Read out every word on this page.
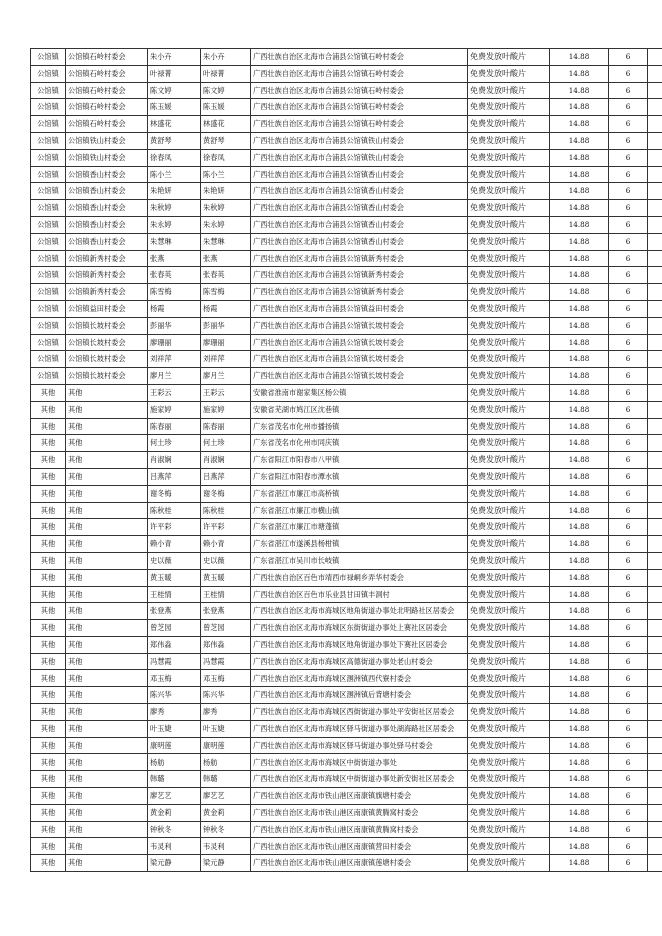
公馆镇	公馆镇石岭村委会	朱小卉	朱小卉	广西壮族自治区北海市合浦县公馆镇石岭村委会	免费发放叶酸片	14.88	6	
公馆镇	公馆镇石岭村委会	叶禄菁	叶禄菁	广西壮族自治区北海市合浦县公馆镇石岭村委会	免费发放叶酸片	14.88	6	
公馆镇	公馆镇石岭村委会	陈文婷	陈文婷	广西壮族自治区北海市合浦县公馆镇石岭村委会	免费发放叶酸片	14.88	6	
公馆镇	公馆镇石岭村委会	陈玉媛	陈玉媛	广西壮族自治区北海市合浦县公馆镇石岭村委会	免费发放叶酸片	14.88	6	
公馆镇	公馆镇石岭村委会	林盛花	林盛花	广西壮族自治区北海市合浦县公馆镇石岭村委会	免费发放叶酸片	14.88	6	
公馆镇	公馆镇铁山村委会	黄舒琴	黄舒琴	广西壮族自治区北海市合浦县公馆镇铁山村委会	免费发放叶酸片	14.88	6	
公馆镇	公馆镇铁山村委会	徐春凤	徐春凤	广西壮族自治区北海市合浦县公馆镇铁山村委会	免费发放叶酸片	14.88	6	
公馆镇	公馆镇香山村委会	陈小兰	陈小兰	广西壮族自治区北海市合浦县公馆镇香山村委会	免费发放叶酸片	14.88	6	
公馆镇	公馆镇香山村委会	朱艳妍	朱艳妍	广西壮族自治区北海市合浦县公馆镇香山村委会	免费发放叶酸片	14.88	6	
公馆镇	公馆镇香山村委会	朱秋婷	朱秋婷	广西壮族自治区北海市合浦县公馆镇香山村委会	免费发放叶酸片	14.88	6	
公馆镇	公馆镇香山村委会	朱永婷	朱永婷	广西壮族自治区北海市合浦县公馆镇香山村委会	免费发放叶酸片	14.88	6	
公馆镇	公馆镇香山村委会	朱慧琳	朱慧琳	广西壮族自治区北海市合浦县公馆镇香山村委会	免费发放叶酸片	14.88	6	
公馆镇	公馆镇新秀村委会	张燕	张燕	广西壮族自治区北海市合浦县公馆镇新秀村委会	免费发放叶酸片	14.88	6	
公馆镇	公馆镇新秀村委会	张春英	张春英	广西壮族自治区北海市合浦县公馆镇新秀村委会	免费发放叶酸片	14.88	6	
公馆镇	公馆镇新秀村委会	陈雪梅	陈雪梅	广西壮族自治区北海市合浦县公馆镇新秀村委会	免费发放叶酸片	14.88	6	
公馆镇	公馆镇益田村委会	杨霞	杨霞	广西壮族自治区北海市合浦县公馆镇益田村委会	免费发放叶酸片	14.88	6	
公馆镇	公馆镇长坡村委会	彭丽华	彭丽华	广西壮族自治区北海市合浦县公馆镇长坡村委会	免费发放叶酸片	14.88	6	
公馆镇	公馆镇长坡村委会	廖珊丽	廖珊丽	广西壮族自治区北海市合浦县公馆镇长坡村委会	免费发放叶酸片	14.88	6	
公馆镇	公馆镇长坡村委会	刘祥萍	刘祥萍	广西壮族自治区北海市合浦县公馆镇长坡村委会	免费发放叶酸片	14.88	6	
公馆镇	公馆镇长坡村委会	廖月兰	廖月兰	广西壮族自治区北海市合浦县公馆镇长坡村委会	免费发放叶酸片	14.88	6	
其他	其他	王彩云	王彩云	安徽省淮南市谢家集区杨公镇	免费发放叶酸片	14.88	6	
其他	其他	施家婷	施家婷	安徽省芜湖市鸠江区沈巷镇	免费发放叶酸片	14.88	6	
其他	其他	陈春丽	陈春丽	广东省茂名市化州市播扬镇	免费发放叶酸片	14.88	6	
其他	其他	何土珍	何土珍	广东省茂名市化州市同庆镇	免费发放叶酸片	14.88	6	
其他	其他	肖淑娴	肖淑娴	广东省阳江市阳春市八甲镇	免费发放叶酸片	14.88	6	
其他	其他	吕燕萍	吕燕萍	广东省阳江市阳春市潭水镇	免费发放叶酸片	14.88	6	
其他	其他	谢冬梅	谢冬梅	广东省湛江市廉江市高桥镇	免费发放叶酸片	14.88	6	
其他	其他	陈秋桂	陈秋桂	广东省湛江市廉江市横山镇	免费发放叶酸片	14.88	6	
其他	其他	许平彩	许平彩	广东省湛江市廉江市塘蓬镇	免费发放叶酸片	14.88	6	
其他	其他	赖小青	赖小青	广东省湛江市遂溪县杨柑镇	免费发放叶酸片	14.88	6	
其他	其他	史以薇	史以薇	广东省湛江市吴川市长岐镇	免费发放叶酸片	14.88	6	
其他	其他	黄玉暖	黄玉暖	广西壮族自治区百色市靖西市禄峒乡弄华村委会	免费发放叶酸片	14.88	6	
其他	其他	王桂情	王桂情	广西壮族自治区百色市乐业县甘田镇丰洞村	免费发放叶酸片	14.88	6	
其他	其他	张登燕	张登燕	广西壮族自治区北海市海城区地角街道办事处北明路社区居委会	免费发放叶酸片	14.88	6	
其他	其他	曾芝园	曾芝园	广西壮族自治区北海市海城区东街街道办事处上赛社区居委会	免费发放叶酸片	14.88	6	
其他	其他	郑伟淼	郑伟淼	广西壮族自治区北海市海城区地角街道办事处下赛社区居委会	免费发放叶酸片	14.88	6	
其他	其他	冯慧霞	冯慧霞	广西壮族自治区北海市海城区高德街道办事处老山村委会	免费发放叶酸片	14.88	6	
其他	其他	邓玉梅	邓玉梅	广西壮族自治区北海市海城区涠洲镇西代寮村委会	免费发放叶酸片	14.88	6	
其他	其他	陈兴华	陈兴华	广西壮族自治区北海市海城区涠洲镇后背塘村委会	免费发放叶酸片	14.88	6	
其他	其他	廖秀	廖秀	广西壮族自治区北海市海城区西街街道办事处平安街社区居委会	免费发放叶酸片	14.88	6	
其他	其他	叶玉婕	叶玉婕	广西壮族自治区北海市海城区驿马街道办事处湖海路社区居委会	免费发放叶酸片	14.88	6	
其他	其他	康明莲	康明莲	广西壮族自治区北海市海城区驿马街道办事处驿马村委会	免费发放叶酸片	14.88	6	
其他	其他	杨舫	杨舫	广西壮族自治区北海市海城区中街街道办事处	免费发放叶酸片	14.88	6	
其他	其他	韩璐	韩璐	广西壮族自治区北海市海城区中街街道办事处新安街社区居委会	免费发放叶酸片	14.88	6	
其他	其他	廖艺艺	廖艺艺	广西壮族自治区北海市铁山港区南康镇旗塘村委会	免费发放叶酸片	14.88	6	
其他	其他	黄金莉	黄金莉	广西壮族自治区北海市铁山港区南康镇黄腾窝村委会	免费发放叶酸片	14.88	6	
其他	其他	钟秋冬	钟秋冬	广西壮族自治区北海市铁山港区南康镇黄腾窝村委会	免费发放叶酸片	14.88	6	
其他	其他	韦灵利	韦灵利	广西壮族自治区北海市铁山港区南康镇营田村委会	免费发放叶酸片	14.88	6	
其他	其他	梁元静	梁元静	广西壮族自治区北海市铁山港区南康镇莲塘村委会	免费发放叶酸片	14.88	6	
